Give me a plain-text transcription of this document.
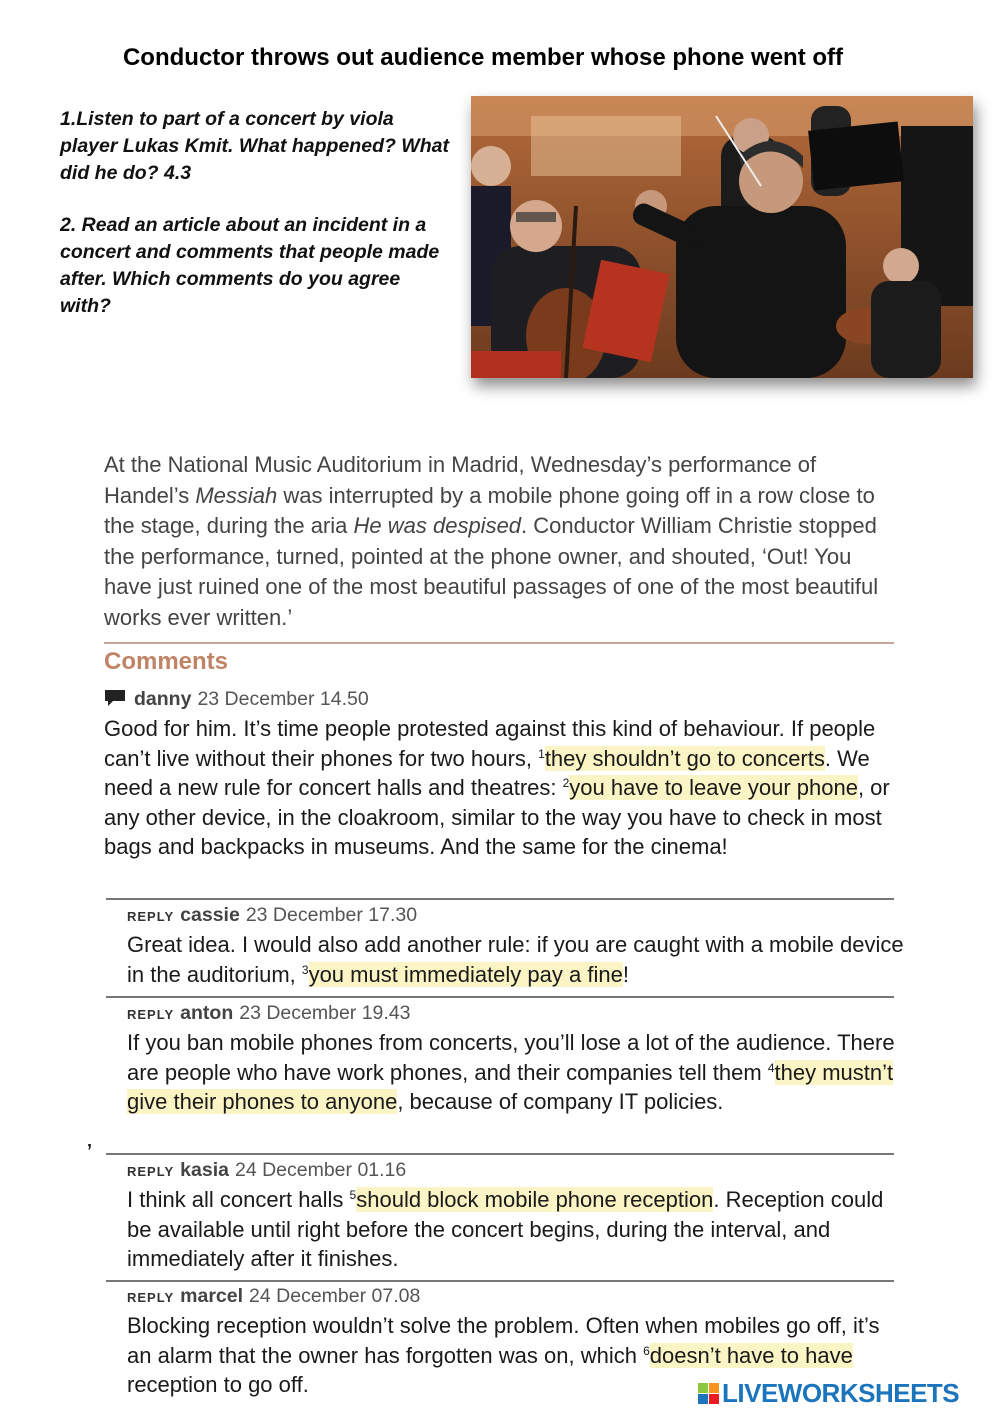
Conductor throws out audience member whose phone went off

1.Listen to part of a concert by viola player Lukas Kmit. What happened? What did he do? 4.3

2. Read an article about an incident in a concert and comments that people made after. Which comments do you agree with?

At the National Music Auditorium in Madrid, Wednesday’s performance of Handel’s Messiah was interrupted by a mobile phone going off in a row close to the stage, during the aria He was despised. Conductor William Christie stopped the performance, turned, pointed at the phone owner, and shouted, ‘Out! You have just ruined one of the most beautiful passages of one of the most beautiful works ever written.’

Comments
danny 23 December 14.50

Good for him. It’s time people protested against this kind of behaviour. If people can’t live without their phones for two hours, $^1$they shouldn’t go to concerts. We need a new rule for concert halls and theatres: $^2$you have to leave your phone, or any other device, in the cloakroom, similar to the way you have to check in most bags and backpacks in museums. And the same for the cinema!

REPLY cassie 23 December 17.30

Great idea. I would also add another rule: if you are caught with a mobile device in the auditorium, $^3$you must immediately pay a fine!

REPLY anton 23 December 19.43

If you ban mobile phones from concerts, you’ll lose a lot of the audience. There are people who have work phones, and their companies tell them $^4$they mustn’t give their phones to anyone, because of company IT policies.

’
REPLY kasia 24 December 01.16

I think all concert halls $^5$should block mobile phone reception. Reception could be available until right before the concert begins, during the interval, and immediately after it finishes.

REPLY marcel 24 December 07.08

Blocking reception wouldn’t solve the problem. Often when mobiles go off, it’s an alarm that the owner has forgotten was on, which $^6$doesn’t have to have reception to go off.	LIVEWORKSHEETS
